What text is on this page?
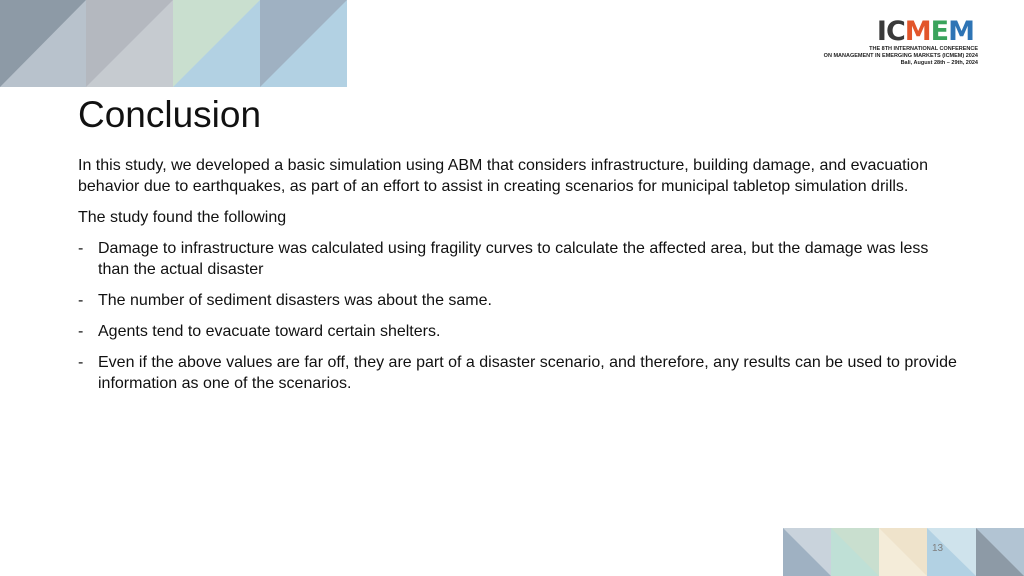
ICMEM
THE 8TH INTERNATIONAL CONFERENCE
ON MANAGEMENT IN EMERGING MARKETS (ICMEM) 2024
Bali, August 28th – 29th, 2024
Conclusion

In this study, we developed a basic simulation using ABM that considers infrastructure, building damage, and evacuation behavior due to earthquakes, as part of an effort to assist in creating scenarios for municipal tabletop simulation drills.

The study found the following

- Damage to infrastructure was calculated using fragility curves to calculate the affected area, but the damage was less than the actual disaster
- The number of sediment disasters was about the same.
- Agents tend to evacuate toward certain shelters.
- Even if the above values are far off, they are part of a disaster scenario, and therefore, any results can be used to provide information as one of the scenarios.
13
